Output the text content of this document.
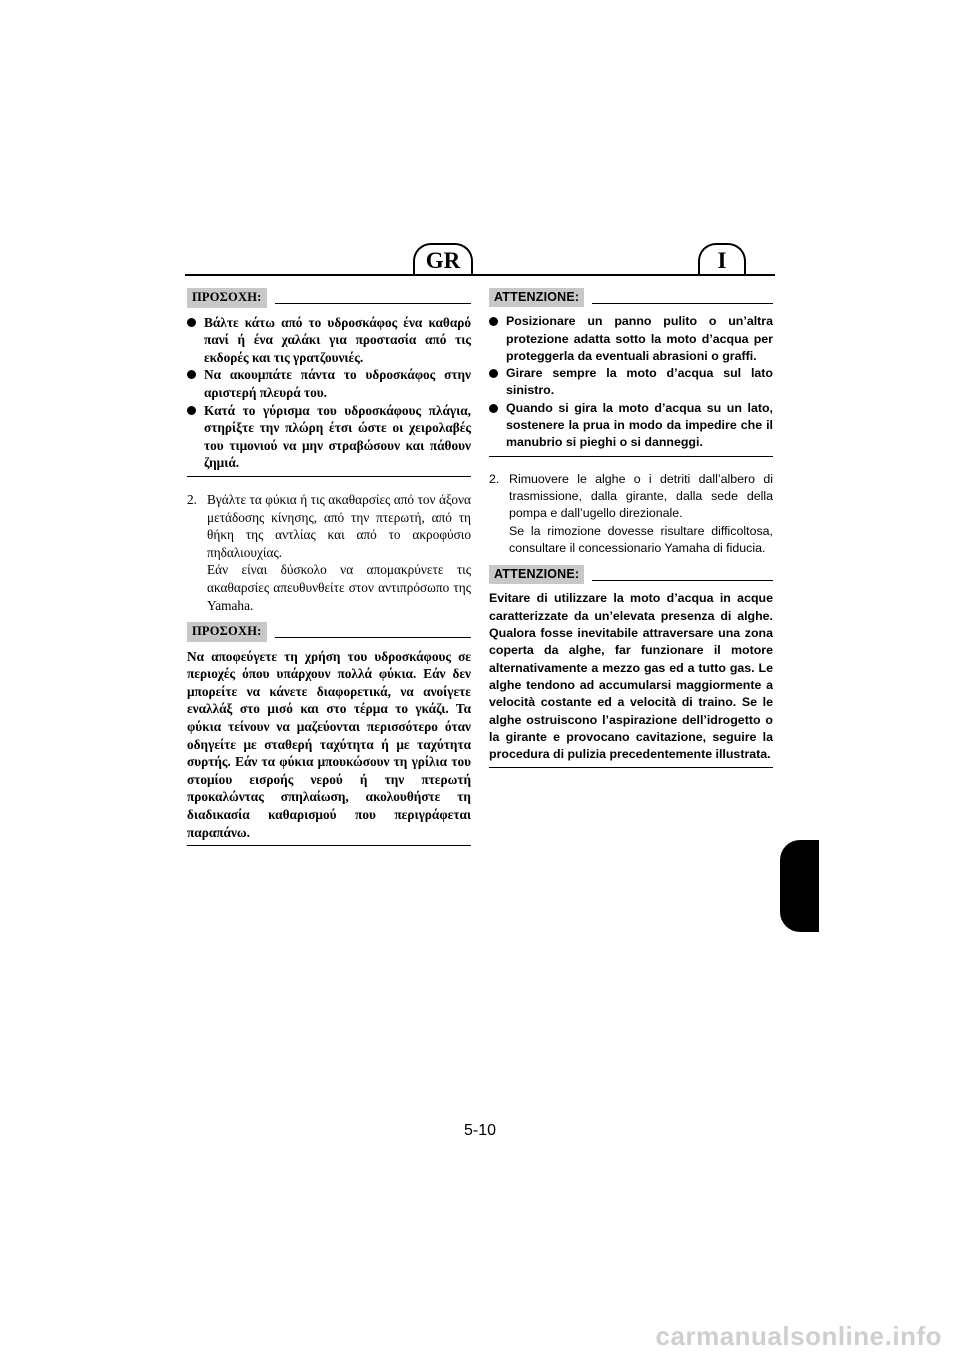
GR	I
ΠΡΟΣΟΧΗ:
Βάλτε κάτω από το υδροσκάφος ένα καθαρό πανί ή ένα χαλάκι για προστασία από τις εκδορές και τις γρατζουνιές.
Να ακουμπάτε πάντα το υδροσκάφος στην αριστερή πλευρά του.
Κατά το γύρισμα του υδροσκάφους πλάγια, στηρίξτε την πλώρη έτσι ώστε οι χειρολαβές του τιμονιού να μην στραβώσουν και πάθουν ζημιά.
2. Βγάλτε τα φύκια ή τις ακαθαρσίες από τον άξονα μετάδοσης κίνησης, από την πτερωτή, από τη θήκη της αντλίας και από το ακροφύσιο πηδαλιουχίας.

Εάν είναι δύσκολο να απομακρύνετε τις ακαθαρσίες απευθυνθείτε στον αντιπρόσωπο της Yamaha.

ΠΡΟΣΟΧΗ:

Να αποφεύγετε τη χρήση του υδροσκάφους σε περιοχές όπου υπάρχουν πολλά φύκια. Εάν δεν μπορείτε να κάνετε διαφορετικά, να ανοίγετε εναλλάξ στο μισό και στο τέρμα το γκάζι. Τα φύκια τείνουν να μαζεύονται περισσότερο όταν οδηγείτε με σταθερή ταχύτητα ή με ταχύτητα συρτής. Εάν τα φύκια μπουκώσουν τη γρίλια του στομίου εισροής νερού ή την πτερωτή προκαλώντας σπηλαίωση, ακολουθήστε τη διαδικασία καθαρισμού που περιγράφεται παραπάνω.

ATTENZIONE:
Posizionare un panno pulito o un’altra protezione adatta sotto la moto d’acqua per proteggerla da eventuali abrasioni o graffi.
Girare sempre la moto d’acqua sul lato sinistro.
Quando si gira la moto d’acqua su un lato, sostenere la prua in modo da impedire che il manubrio si pieghi o si danneggi.
2. Rimuovere le alghe o i detriti dall’albero di trasmissione, dalla girante, dalla sede della pompa e dall’ugello direzionale.

Se la rimozione dovesse risultare difficoltosa, consultare il concessionario Yamaha di fiducia.

ATTENZIONE:

Evitare di utilizzare la moto d’acqua in acque caratterizzate da un’elevata presenza di alghe. Qualora fosse inevitabile attraversare una zona coperta da alghe, far funzionare il motore alternativamente a mezzo gas ed a tutto gas. Le alghe tendono ad accumularsi maggiormente a velocità costante ed a velocità di traino. Se le alghe ostruiscono l’aspirazione dell’idrogetto o la girante e provocano cavitazione, seguire la procedura di pulizia precedentemente illustrata.

5-10
carmanualsonline.info
